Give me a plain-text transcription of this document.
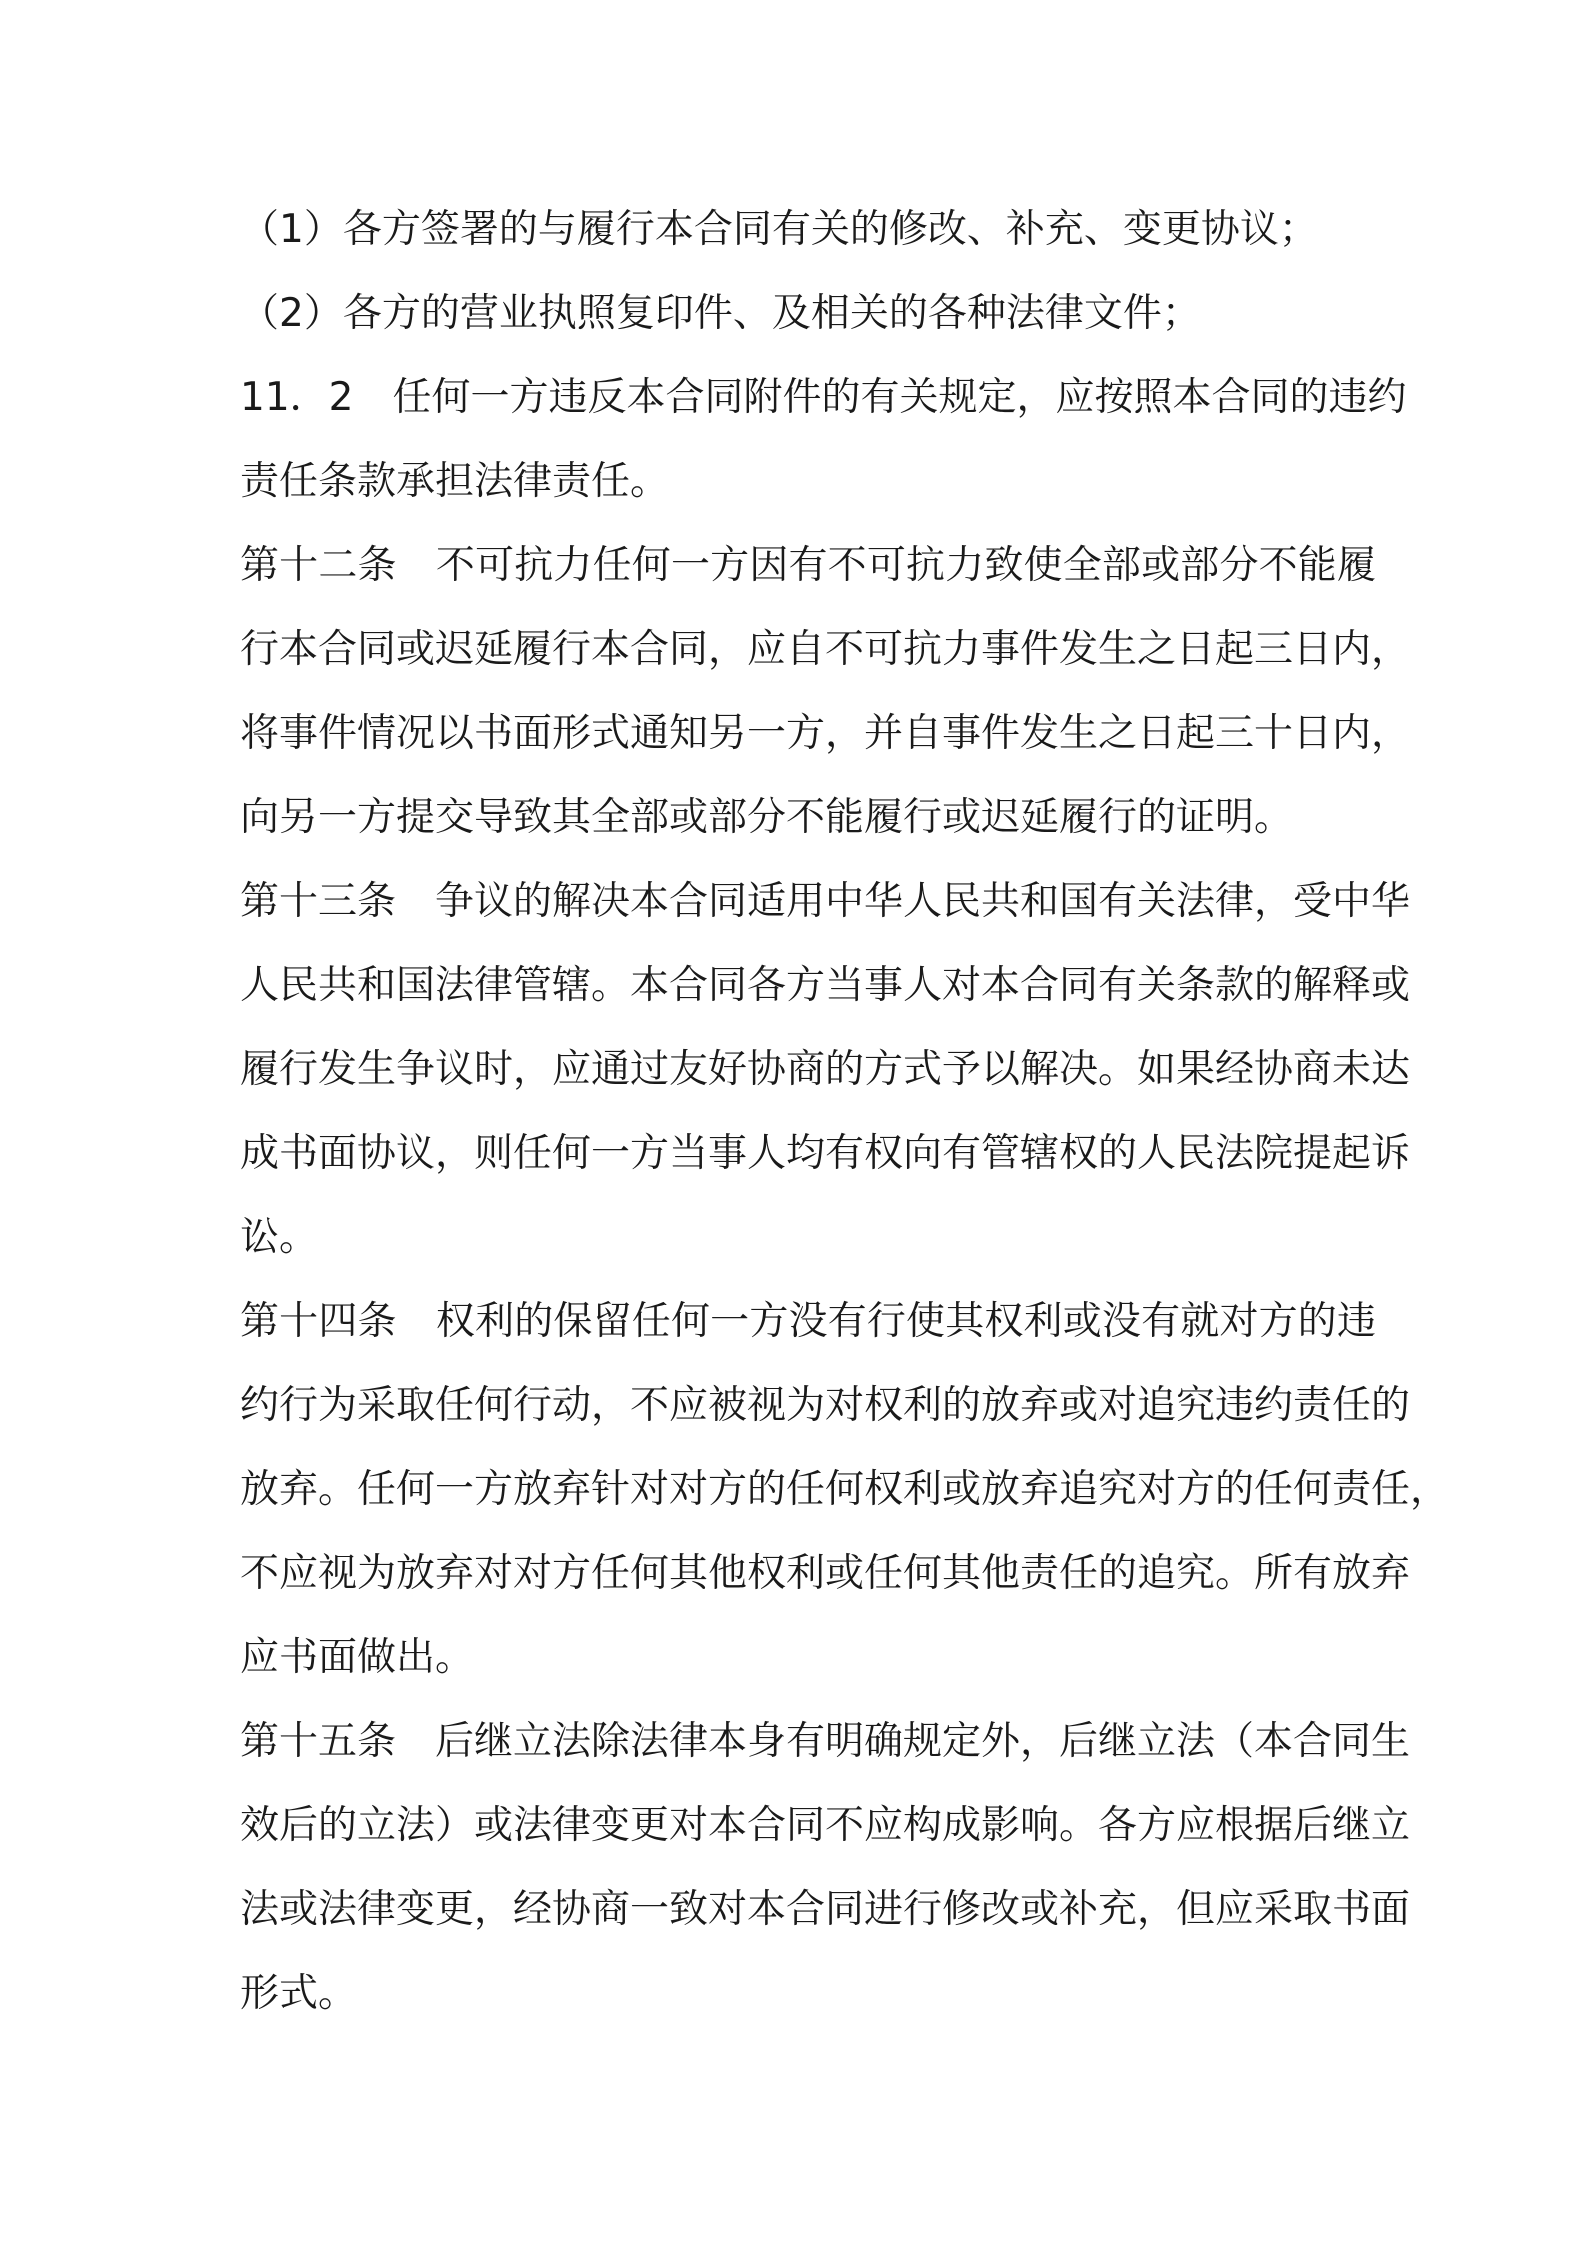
（1）各方签署的与履行本合同有关的修改、补充、变更协议；
（2）各方的营业执照复印件、及相关的各种法律文件；
11．2　任何一方违反本合同附件的有关规定，应按照本合同的违约
责任条款承担法律责任。
第十二条　不可抗力任何一方因有不可抗力致使全部或部分不能履
行本合同或迟延履行本合同，应自不可抗力事件发生之日起三日内，
将事件情况以书面形式通知另一方，并自事件发生之日起三十日内，
向另一方提交导致其全部或部分不能履行或迟延履行的证明。
第十三条　争议的解决本合同适用中华人民共和国有关法律，受中华
人民共和国法律管辖。本合同各方当事人对本合同有关条款的解释或
履行发生争议时，应通过友好协商的方式予以解决。如果经协商未达
成书面协议，则任何一方当事人均有权向有管辖权的人民法院提起诉
讼。
第十四条　权利的保留任何一方没有行使其权利或没有就对方的违
约行为采取任何行动，不应被视为对权利的放弃或对追究违约责任的
放弃。任何一方放弃针对对方的任何权利或放弃追究对方的任何责任，
不应视为放弃对对方任何其他权利或任何其他责任的追究。所有放弃
应书面做出。
第十五条　后继立法除法律本身有明确规定外，后继立法（本合同生
效后的立法）或法律变更对本合同不应构成影响。各方应根据后继立
法或法律变更，经协商一致对本合同进行修改或补充，但应采取书面
形式。
